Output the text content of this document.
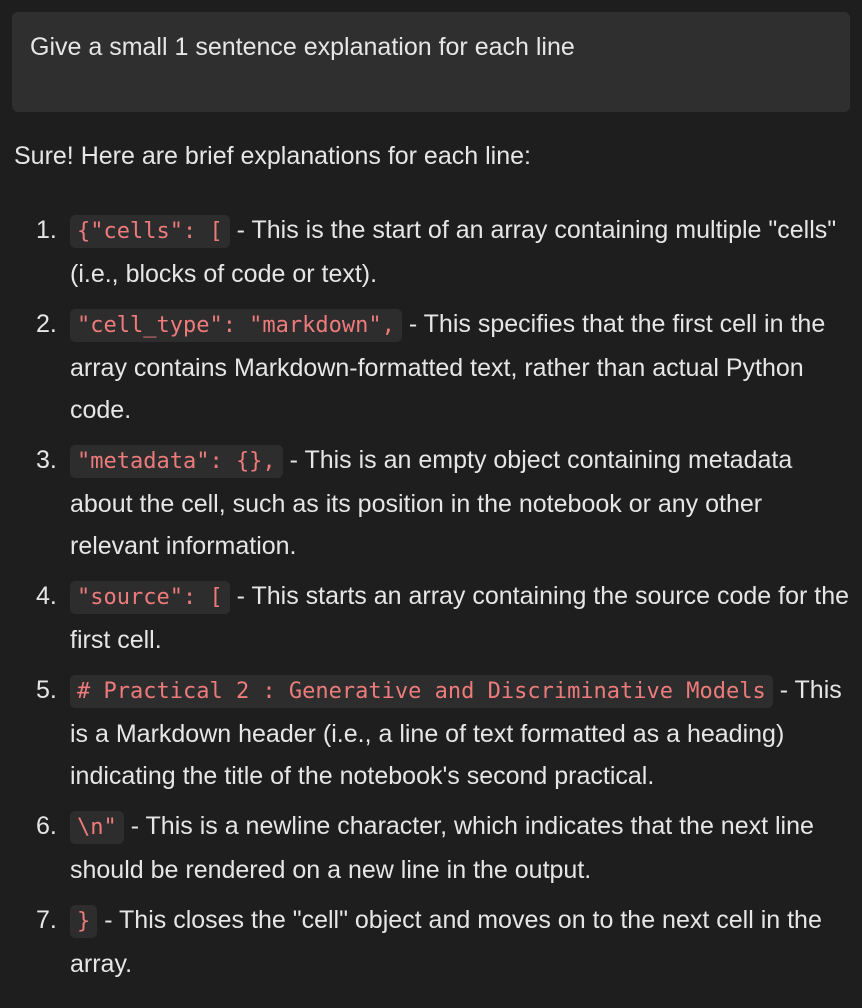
Give a small 1 sentence explanation for each line

Sure! Here are brief explanations for each line:

1. {"cells": [ - This is the start of an array containing multiple "cells" (i.e., blocks of code or text).
2. "cell_type": "markdown", - This specifies that the first cell in the array contains Markdown-formatted text, rather than actual Python code.
3. "metadata": {}, - This is an empty object containing metadata about the cell, such as its position in the notebook or any other relevant information.
4. "source": [ - This starts an array containing the source code for the first cell.
5. # Practical 2 : Generative and Discriminative Models - This is a Markdown header (i.e., a line of text formatted as a heading) indicating the title of the notebook's second practical.
6. \n" - This is a newline character, which indicates that the next line should be rendered on a new line in the output.
7. } - This closes the "cell" object and moves on to the next cell in the array.
